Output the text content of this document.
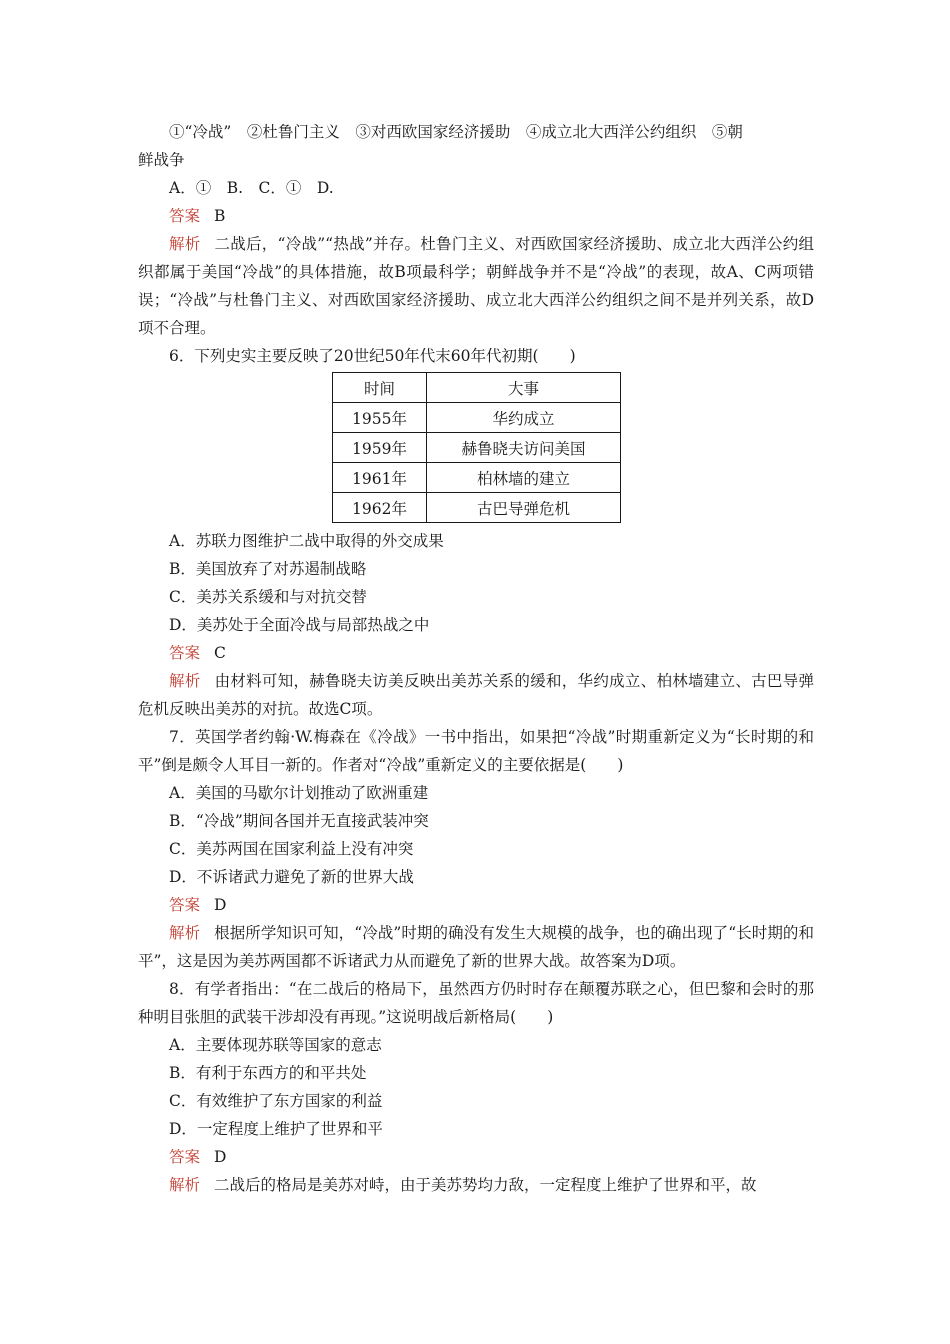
①“冷战”　②杜鲁门主义　③对西欧国家经济援助　④成立北大西洋公约组织　⑤朝
鲜战争
A．①　B.　C．①　D.
答案 B
解析 二战后，“冷战”“热战”并存。杜鲁门主义、对西欧国家经济援助、成立北大西洋公约组织都属于美国“冷战”的具体措施，故B项最科学；朝鲜战争并不是“冷战”的表现，故A、C两项错误；“冷战”与杜鲁门主义、对西欧国家经济援助、成立北大西洋公约组织之间不是并列关系，故D项不合理。
6．下列史实主要反映了20世纪50年代末60年代初期(　　)
时间	大事
1955年	华约成立
1959年	赫鲁晓夫访问美国
1961年	柏林墙的建立
1962年	古巴导弹危机
A．苏联力图维护二战中取得的外交成果
B．美国放弃了对苏遏制战略
C．美苏关系缓和与对抗交替
D．美苏处于全面冷战与局部热战之中
答案 C
解析 由材料可知，赫鲁晓夫访美反映出美苏关系的缓和，华约成立、柏林墙建立、古巴导弹危机反映出美苏的对抗。故选C项。
7．英国学者约翰·W.梅森在《冷战》一书中指出，如果把“冷战”时期重新定义为“长时期的和平”倒是颇令人耳目一新的。作者对“冷战”重新定义的主要依据是(　　)
A．美国的马歇尔计划推动了欧洲重建
B．“冷战”期间各国并无直接武装冲突
C．美苏两国在国家利益上没有冲突
D．不诉诸武力避免了新的世界大战
答案 D
解析 根据所学知识可知，“冷战”时期的确没有发生大规模的战争，也的确出现了“长时期的和平”，这是因为美苏两国都不诉诸武力从而避免了新的世界大战。故答案为D项。
8．有学者指出：“在二战后的格局下，虽然西方仍时时存在颠覆苏联之心，但巴黎和会时的那种明目张胆的武装干涉却没有再现。”这说明战后新格局(　　)
A．主要体现苏联等国家的意志
B．有利于东西方的和平共处
C．有效维护了东方国家的利益
D．一定程度上维护了世界和平
答案 D
解析 二战后的格局是美苏对峙，由于美苏势均力敌，一定程度上维护了世界和平，故
